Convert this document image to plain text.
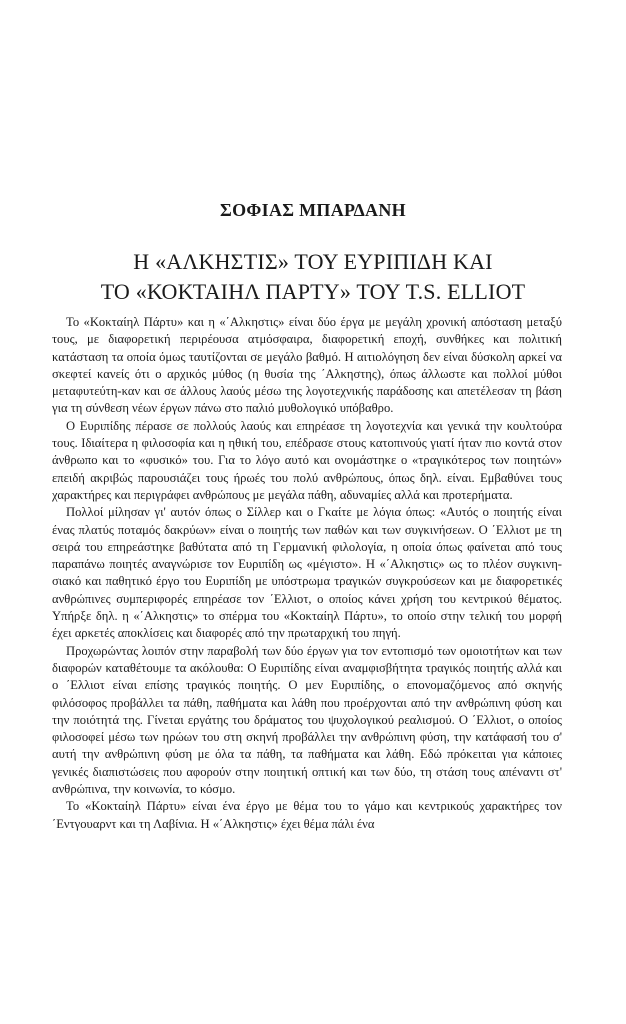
ΣΟΦΙΑΣ ΜΠΑΡΔΑΝΗ
Η «ΑΛΚΗΣΤΙΣ» ΤΟΥ ΕΥΡΙΠΙΔΗ ΚΑΙ
ΤΟ «ΚΟΚΤΑΙΗΛ ΠΑΡΤΥ» ΤΟΥ T.S. ELLIOT

Το «Κοκταίηλ Πάρτυ» και η «΄Αλκηστις» είναι δύο έργα με μεγάλη χρονική απόσταση μεταξύ τους, με διαφορετική περιρέουσα ατμόσφαιρα, διαφορετική εποχή, συνθήκες και πολιτική κατάσταση τα οποία όμως ταυτίζονται σε μεγάλο βαθμό. Η αιτιολόγηση δεν είναι δύσκολη αρκεί να σκεφτεί κανείς ότι ο αρχικός μύθος (η θυσία της ΄Αλκηστης), όπως άλλωστε και πολλοί μύθοι μεταφυτεύτη-καν και σε άλλους λαούς μέσω της λογοτεχνικής παράδοσης και απετέλεσαν τη βάση για τη σύνθεση νέων έργων πάνω στο παλιό μυθολογικό υπόβαθρο.

Ο Ευριπίδης πέρασε σε πολλούς λαούς και επηρέασε τη λογοτεχνία και γενικά την κουλτούρα τους. Ιδιαίτερα η φιλοσοφία και η ηθική του, επέδρασε στους κατοπινούς γιατί ήταν πιο κοντά στον άνθρωπο και το «φυσικό» του. Για το λόγο αυτό και ονομάστηκε ο «τραγικότερος των ποιητών» επειδή ακριβώς παρουσιάζει τους ήρωές του πολύ ανθρώπους, όπως δηλ. είναι. Εμβαθύνει τους χαρακτήρες και περιγράφει ανθρώπους με μεγάλα πάθη, αδυναμίες αλλά και προτερήματα.

Πολλοί μίλησαν γι' αυτόν όπως ο Σίλλερ και ο Γκαίτε με λόγια όπως: «Αυτός ο ποιητής είναι ένας πλατύς ποταμός δακρύων» είναι ο ποιητής των παθών και των συγκινήσεων. Ο ΄Ελλιοτ με τη σειρά του επηρεάστηκε βαθύτατα από τη Γερμανική φιλολογία, η οποία όπως φαίνεται από τους παραπάνω ποιητές αναγνώρισε τον Ευριπίδη ως «μέγιστο». Η «΄Αλκηστις» ως το πλέον συγκινη-σιακό και παθητικό έργο του Ευριπίδη με υπόστρωμα τραγικών συγκρούσεων και με διαφορετικές ανθρώπινες συμπεριφορές επηρέασε τον ΄Ελλιοτ, ο οποίος κάνει χρήση του κεντρικού θέματος. Υπήρξε δηλ. η «΄Αλκηστις» το σπέρμα του «Κοκταίηλ Πάρτυ», το οποίο στην τελική του μορφή έχει αρκετές αποκλίσεις και διαφορές από την πρωταρχική του πηγή.

Προχωρώντας λοιπόν στην παραβολή των δύο έργων για τον εντοπισμό των ομοιοτήτων και των διαφορών καταθέτουμε τα ακόλουθα: Ο Ευριπίδης είναι αναμφισβήτητα τραγικός ποιητής αλλά και ο ΄Ελλιοτ είναι επίσης τραγικός ποιητής. Ο μεν Ευριπίδης, ο επονομαζόμενος από σκηνής φιλόσοφος προβάλλει τα πάθη, παθήματα και λάθη που προέρχονται από την ανθρώπινη φύση και την ποιότητά της. Γίνεται εργάτης του δράματος του ψυχολογικού ρεαλισμού. Ο ΄Ελλιοτ, ο οποίος φιλοσοφεί μέσω των ηρώων του στη σκηνή προβάλλει την ανθρώπινη φύση, την κατάφασή του σ' αυτή την ανθρώπινη φύση με όλα τα πάθη, τα παθήματα και λάθη. Εδώ πρόκειται για κάποιες γενικές διαπιστώσεις που αφορούν στην ποιητική οπτική και των δύο, τη στάση τους απέναντι στ' ανθρώπινα, την κοινωνία, το κόσμο.

Το «Κοκταίηλ Πάρτυ» είναι ένα έργο με θέμα του το γάμο και κεντρικούς χαρακτήρες τον ΄Εντγουαρντ και τη Λαβίνια. Η «΄Αλκηστις» έχει θέμα πάλι ένα
